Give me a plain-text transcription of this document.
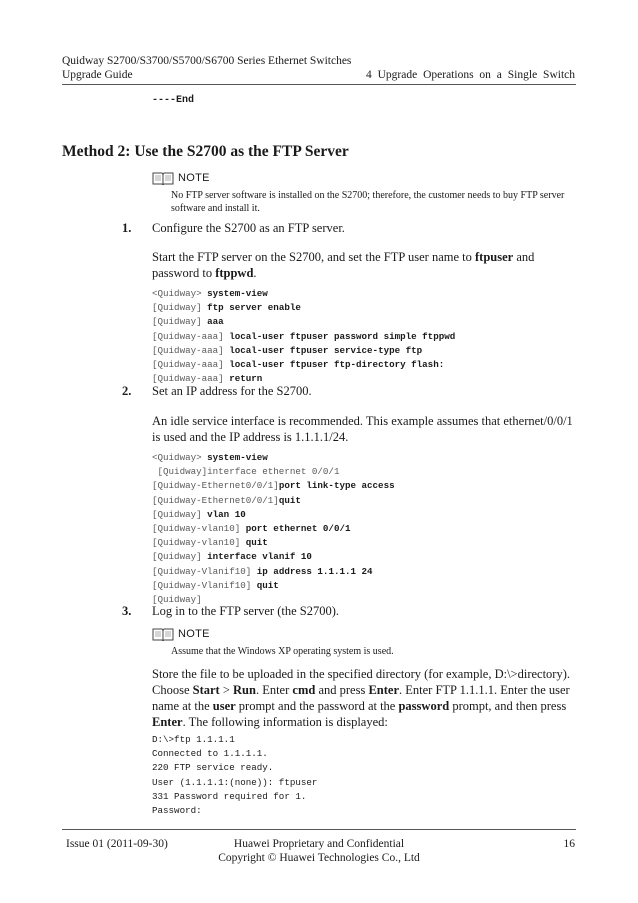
Quidway S2700/S3700/S5700/S6700 Series Ethernet Switches
Upgrade Guide	4 Upgrade Operations on a Single Switch
----End
Method 2: Use the S2700 as the FTP Server
NOTE
No FTP server software is installed on the S2700; therefore, the customer needs to buy FTP server software and install it.
1. Configure the S2700 as an FTP server.
Start the FTP server on the S2700, and set the FTP user name to ftpuser and password to ftppwd.
<Quidway> system-view
[Quidway] ftp server enable
[Quidway] aaa
[Quidway-aaa] local-user ftpuser password simple ftppwd
[Quidway-aaa] local-user ftpuser service-type ftp
[Quidway-aaa] local-user ftpuser ftp-directory flash:
[Quidway-aaa] return
2. Set an IP address for the S2700.
An idle service interface is recommended. This example assumes that ethernet/0/0/1 is used and the IP address is 1.1.1.1/24.
<Quidway> system-view
[Quidway]interface ethernet 0/0/1
[Quidway-Ethernet0/0/1]port link-type access
[Quidway-Ethernet0/0/1]quit
[Quidway] vlan 10
[Quidway-vlan10] port ethernet 0/0/1
[Quidway-vlan10] quit
[Quidway] interface vlanif 10
[Quidway-Vlanif10] ip address 1.1.1.1 24
[Quidway-Vlanif10] quit
[Quidway]
3. Log in to the FTP server (the S2700).
NOTE
Assume that the Windows XP operating system is used.
Store the file to be uploaded in the specified directory (for example, D:\>directory). Choose Start > Run. Enter cmd and press Enter. Enter FTP 1.1.1.1. Enter the user name at the user prompt and the password at the password prompt, and then press Enter. The following information is displayed:
D:\>ftp 1.1.1.1
Connected to 1.1.1.1.
220 FTP service ready.
User (1.1.1.1:(none)): ftpuser
331 Password required for 1.
Password:
Issue 01 (2011-09-30)	Huawei Proprietary and Confidential
Copyright © Huawei Technologies Co., Ltd
16
